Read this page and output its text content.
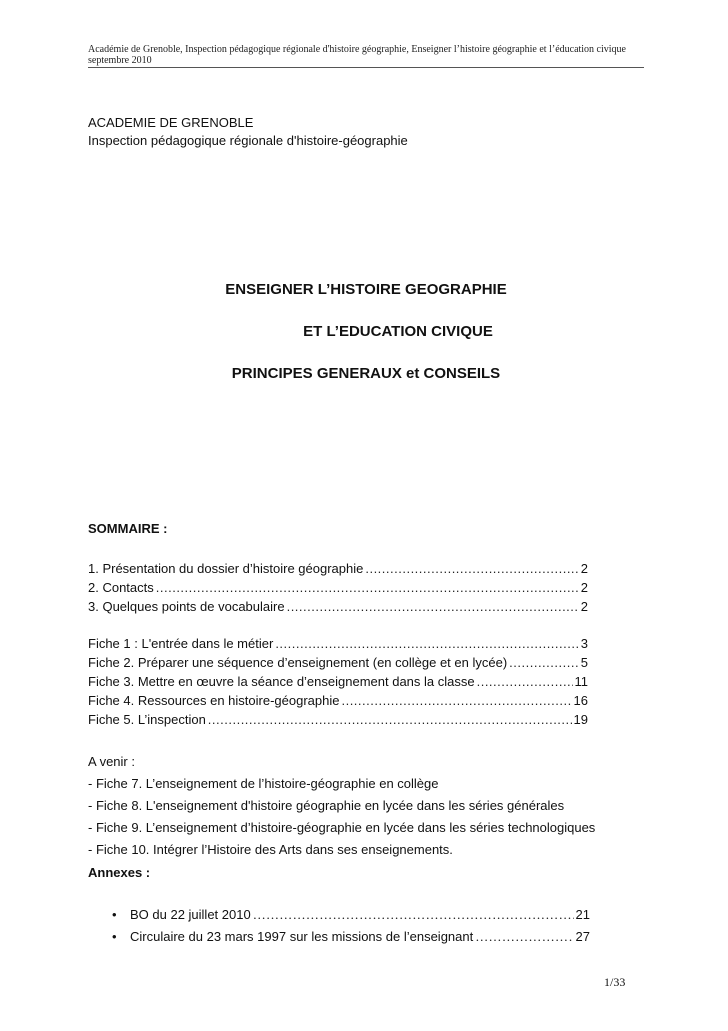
Académie de Grenoble, Inspection pédagogique régionale d'histoire géographie, Enseigner l’histoire géographie et l’éducation civique
septembre 2010
ACADEMIE DE GRENOBLE
Inspection pédagogique régionale d'histoire-géographie
ENSEIGNER L’HISTOIRE GEOGRAPHIE
ET L’EDUCATION CIVIQUE
PRINCIPES GENERAUX et CONSEILS
SOMMAIRE :
1. Présentation du dossier d’histoire géographie .....	2
2. Contacts .....	2
3. Quelques points de vocabulaire .....	2
Fiche 1 : L'entrée dans le métier .....	3
Fiche 2. Préparer une séquence d’enseignement (en collège et en lycée) .....	5
Fiche 3. Mettre en œuvre la séance d’enseignement dans la classe .....	11
Fiche 4. Ressources en histoire-géographie .....	16
Fiche 5. L’inspection .....	19
A venir :
- Fiche 7. L’enseignement de l’histoire-géographie en collège
- Fiche 8. L'enseignement d'histoire géographie en lycée dans les séries générales
- Fiche 9. L’enseignement d’histoire-géographie en lycée dans les séries technologiques
- Fiche 10. Intégrer l’Histoire des Arts dans ses enseignements.
Annexes :
•	BO du 22 juillet 2010 ……………………………………………………………………………………………………………………………………………………………………	21
•	Circulaire du 23 mars 1997 sur les missions de l’enseignant ……………………………………………………………………………………………………………………………………………………………………	27
1/33
